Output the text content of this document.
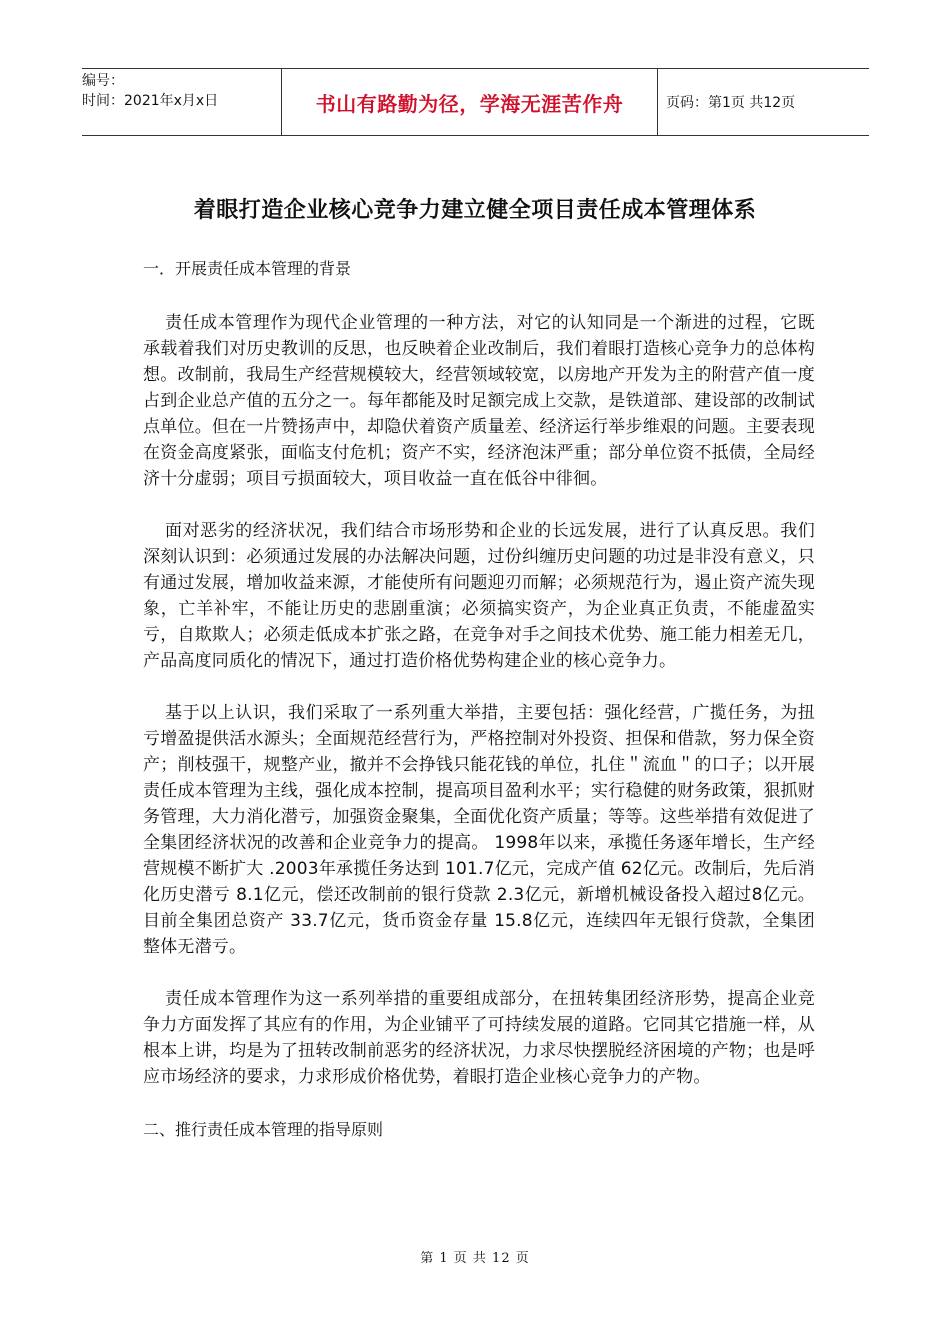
编号：
时间：2021年x月x日	书山有路勤为径，学海无涯苦作舟	页码：第1页 共12页
着眼打造企业核心竞争力建立健全项目责任成本管理体系

一．开展责任成本管理的背景

责任成本管理作为现代企业管理的一种方法，对它的认知同是一个渐进的过程，它既承载着我们对历史教训的反思，也反映着企业改制后，我们着眼打造核心竞争力的总体构想。改制前，我局生产经营规模较大，经营领域较宽，以房地产开发为主的附营产值一度占到企业总产值的五分之一。每年都能及时足额完成上交款，是铁道部、建设部的改制试点单位。但在一片赞扬声中，却隐伏着资产质量差、经济运行举步维艰的问题。主要表现在资金高度紧张，面临支付危机；资产不实，经济泡沫严重；部分单位资不抵债，全局经济十分虚弱；项目亏损面较大，项目收益一直在低谷中徘徊。

面对恶劣的经济状况，我们结合市场形势和企业的长远发展，进行了认真反思。我们深刻认识到：必须通过发展的办法解决问题，过份纠缠历史问题的功过是非没有意义，只有通过发展，增加收益来源，才能使所有问题迎刃而解；必须规范行为，遏止资产流失现象，亡羊补牢，不能让历史的悲剧重演；必须搞实资产，为企业真正负责，不能虚盈实亏，自欺欺人；必须走低成本扩张之路，在竞争对手之间技术优势、施工能力相差无几，产品高度同质化的情况下，通过打造价格优势构建企业的核心竞争力。

基于以上认识，我们采取了一系列重大举措，主要包括：强化经营，广揽任务，为扭亏增盈提供活水源头；全面规范经营行为，严格控制对外投资、担保和借款，努力保全资产；削枝强干，规整产业，撤并不会挣钱只能花钱的单位，扎住＂流血＂的口子；以开展责任成本管理为主线，强化成本控制，提高项目盈利水平；实行稳健的财务政策，狠抓财务管理，大力消化潜亏，加强资金聚集，全面优化资产质量；等等。这些举措有效促进了全集团经济状况的改善和企业竞争力的提高。 1998年以来，承揽任务逐年增长，生产经营规模不断扩大 .2003年承揽任务达到 101.7亿元，完成产值 62亿元。改制后，先后消化历史潜亏 8.1亿元，偿还改制前的银行贷款 2.3亿元，新增机械设备投入超过8亿元。目前全集团总资产 33.7亿元，货币资金存量 15.8亿元，连续四年无银行贷款，全集团整体无潜亏。

责任成本管理作为这一系列举措的重要组成部分，在扭转集团经济形势，提高企业竞争力方面发挥了其应有的作用，为企业铺平了可持续发展的道路。它同其它措施一样，从根本上讲，均是为了扭转改制前恶劣的经济状况，力求尽快摆脱经济困境的产物；也是呼应市场经济的要求，力求形成价格优势，着眼打造企业核心竞争力的产物。

二、推行责任成本管理的指导原则

第 1 页 共 12 页
